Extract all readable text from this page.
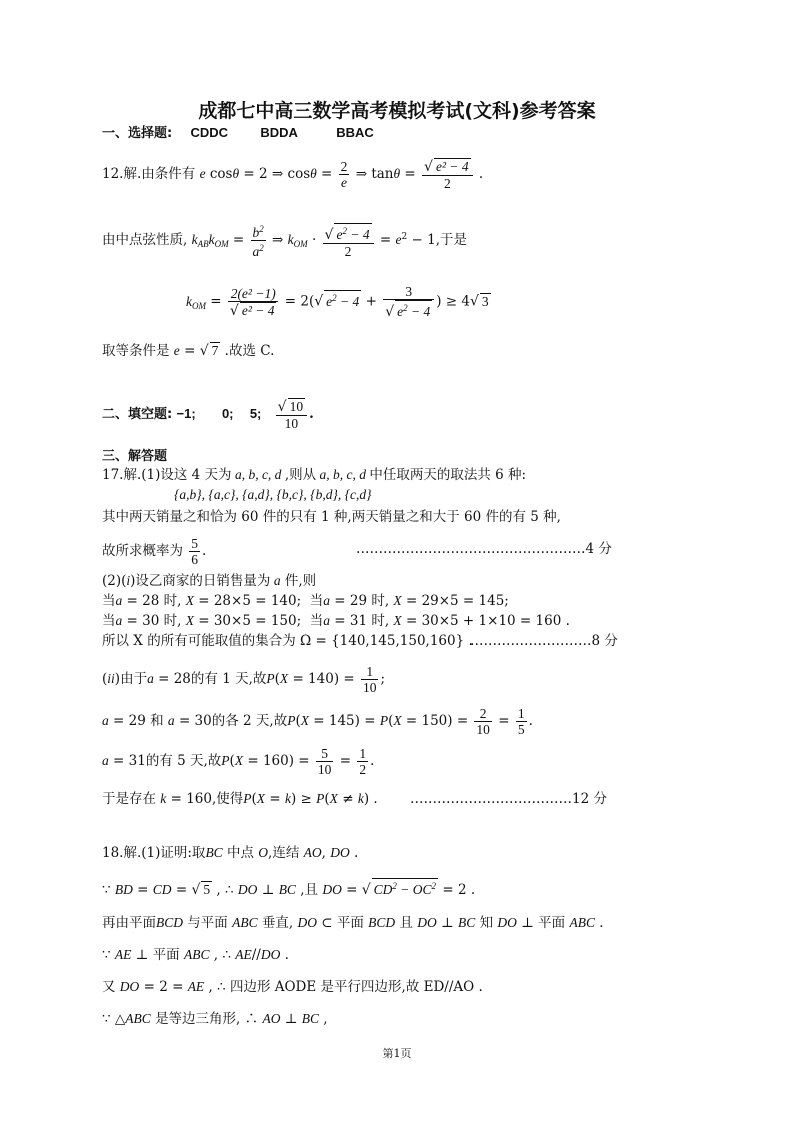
成都七中高三数学高考模拟考试(文科)参考答案
一、选择题: CDDC BDDA	BBAC
12.解.由条件有 e cosθ = 2 ⇒ $\cos\theta = \frac{2}{e}$ ⇒ $\tan\theta = \frac{\text{√ e² − 4}}{2}$ .
由中点弦性质, $k_{AB}k_{OM} = \frac{b^2}{a^2}$ ⇒ $k_{OM} \cdot \frac{√ e^2 - 4}{2} = e^2 - 1$,于是
$k_{OM} = \frac{\text{2(e² −1)}}{\text{√ e² − 4}} = 2(√$ $e^2 - 4 + \frac{3}{√ e^2 - 4}$ ) ≥ 4√ 3
取等条件是 e = √ 7 .故选 C.
二、填空题: −1; 0; 5; $\frac{√ 10}{10}$ .
三、解答题
17.解.(1)设这 4 天为 a, b, c, d ,则从 a, b, c, d 中任取两天的取法共 6 种:
{a,b}, {a,c}, {a,d}, {b,c}, {b,d}, {c,d}
其中两天销量之和恰为 60 件的只有 1 种,两天销量之和大于 60 件的有 5 种,
故所求概率为 $\frac{5}{6}$ .	……………………………………………4 分
(2)(i)设乙商家的日销售量为 a 件,则
当a = 28 时, X = 28×5 = 140;  当a = 29 时, X = 29×5 = 145;
当a = 30 时, X = 30×5 = 150;  当a = 31 时, X = 30×5 + 1×10 = 160 .
所以 X 的所有可能取值的集合为 Ω = {140,145,150,160} .
………………………8 分
(ii)由于a = 28的有 1 天,故$P(X = 140) = \frac{1}{10}$ ;
a = 29 和 a = 30的各 2 天,故$P(X = 145) = P(X = 150) = \frac{2}{10} = \frac{1}{5}$ .
a = 31的有 5 天,故$P(X = 160) = \frac{5}{10} = \frac{1}{2}$ .
于是存在 k = 160,使得P(X = k) ≥ P(X ≠ k) . ………………………………12 分
18.解.(1)证明:取BC 中点 O,连结 AO, DO .
∵ BD = CD = √ 5 , ∴ DO ⊥ BC ,且 DO = √ $CD^2 - OC^2 = 2$ .
再由平面BCD 与平面 ABC 垂直, DO ⊂ 平面 BCD 且 DO ⊥ BC 知 DO ⊥ 平面 ABC .
∵ AE ⊥ 平面 ABC , ∴ AE//DO .
又 DO = 2 = AE , ∴ 四边形 AODE 是平行四边形,故 ED//AO .
∵ △ABC 是等边三角形, ∴ AO ⊥ BC ,
第1页
